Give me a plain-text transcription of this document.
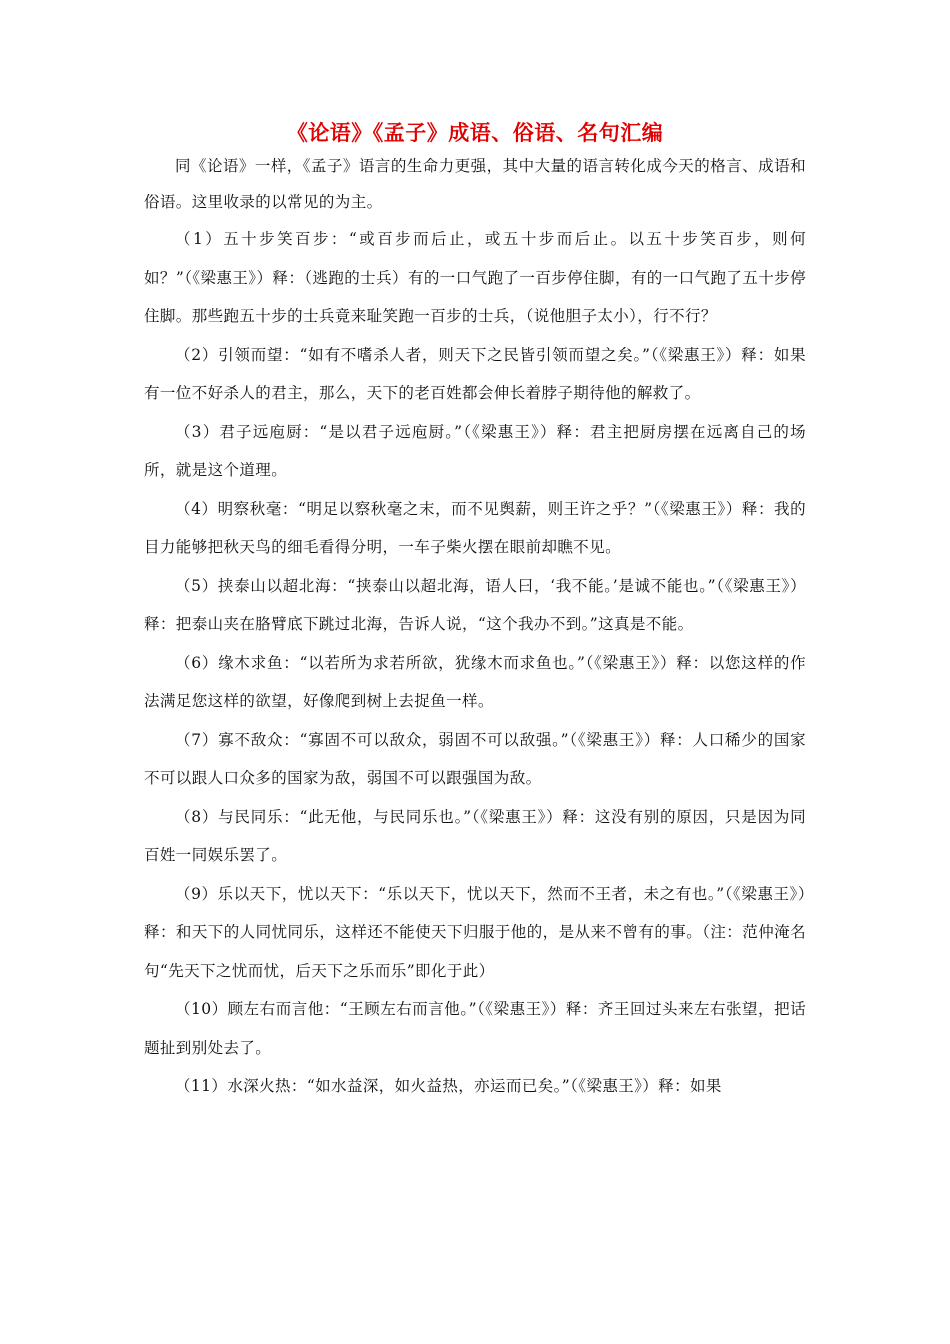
《论语》《孟子》成语、俗语、名句汇编

同《论语》一样，《孟子》语言的生命力更强，其中大量的语言转化成今天的格言、成语和俗语。这里收录的以常见的为主。

（1）五十步笑百步：“或百步而后止，或五十步而后止。以五十步笑百步，则何如？”（《梁惠王》）释：（逃跑的士兵）有的一口气跑了一百步停住脚，有的一口气跑了五十步停住脚。那些跑五十步的士兵竟来耻笑跑一百步的士兵，（说他胆子太小），行不行？

（2）引领而望：“如有不嗜杀人者，则天下之民皆引领而望之矣。”（《梁惠王》）释：如果有一位不好杀人的君主，那么，天下的老百姓都会伸长着脖子期待他的解救了。

（3）君子远庖厨：“是以君子远庖厨。”（《梁惠王》）释：君主把厨房摆在远离自己的场所，就是这个道理。

（4）明察秋毫：“明足以察秋毫之末，而不见舆薪，则王许之乎？”（《梁惠王》）释：我的目力能够把秋天鸟的细毛看得分明，一车子柴火摆在眼前却瞧不见。

（5）挟泰山以超北海：“挟泰山以超北海，语人曰，‘我不能。’是诚不能也。”（《梁惠王》）释：把泰山夹在胳臂底下跳过北海，告诉人说，“这个我办不到。”这真是不能。

（6）缘木求鱼：“以若所为求若所欲，犹缘木而求鱼也。”（《梁惠王》）释：以您这样的作法满足您这样的欲望，好像爬到树上去捉鱼一样。

（7）寡不敌众：“寡固不可以敌众，弱固不可以敌强。”（《梁惠王》）释：人口稀少的国家不可以跟人口众多的国家为敌，弱国不可以跟强国为敌。

（8）与民同乐：“此无他，与民同乐也。”（《梁惠王》）释：这没有别的原因，只是因为同百姓一同娱乐罢了。

（9）乐以天下，忧以天下：“乐以天下，忧以天下，然而不王者，未之有也。”（《梁惠王》）释：和天下的人同忧同乐，这样还不能使天下归服于他的，是从来不曾有的事。（注：范仲淹名句“先天下之忧而忧，后天下之乐而乐”即化于此）

（10）顾左右而言他：“王顾左右而言他。”（《梁惠王》）释：齐王回过头来左右张望，把话题扯到别处去了。

（11）水深火热：“如水益深，如火益热，亦运而已矣。”（《梁惠王》）释：如果
